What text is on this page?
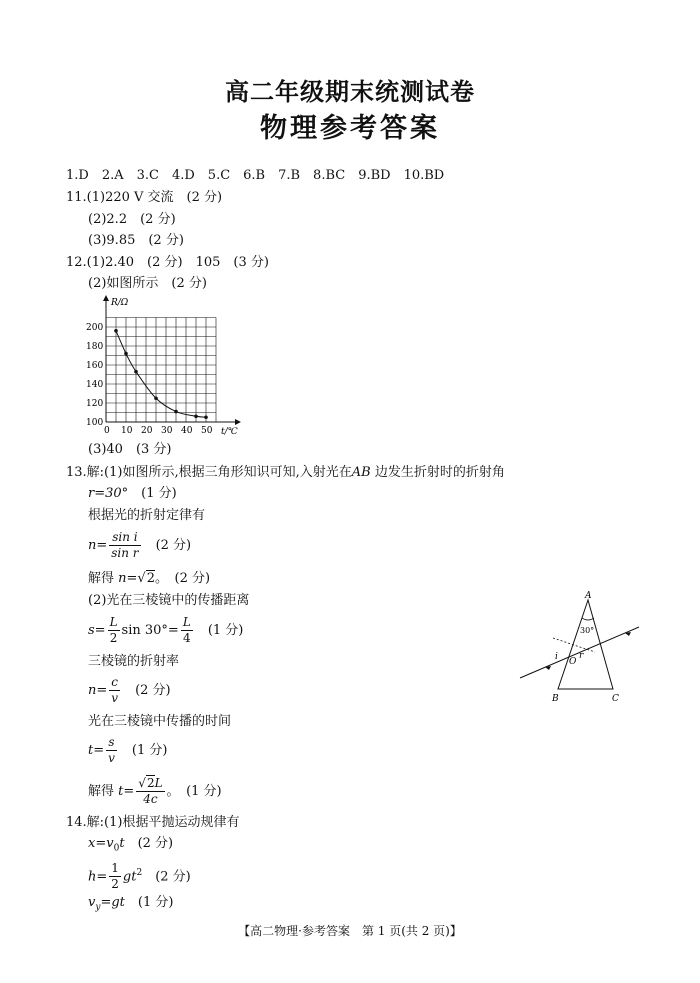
高二年级期末统测试卷
物理参考答案
1.D　2.A　3.C　4.D　5.C　6.B　7.B　8.BC　9.BD　10.BD
11.(1)220 V 交流　(2 分)
(2)2.2　(2 分)
(3)9.85　(2 分)
12.(1)2.40　(2 分)　105　(3 分)
(2)如图所示　(2 分)
R/Ω
t/℃
0 10 20 30 40 50
100
120
140
160
180
200
(3)40　(3 分)
13.解:(1)如图所示,根据三角形知识可知,入射光在AB 边发生折射时的折射角
r=30°　 (1 分)
根据光的折射定律有
$n= \frac{\text{sin i}}{\text{sin r}}$
　 (2 分)
解得 n=√2。　 (2 分)
(2)光在三棱镜中的传播距离
$s= \frac{L}{2}$ $\sin 30^\circ= \frac{L}{4}$
　 (1 分)
三棱镜的折射率
$n= \frac{c}{v}$
　 (2 分)
光在三棱镜中传播的时间
$t= \frac{s}{v}$
　 (1 分)
解得 $t= \frac{√2L}{4c}$ 。　 (1 分)
A
B	C
O
i r
30°
14.解:(1)根据平抛运动规律有
$x=v_0t$　 (2 分)
$h= \frac{1}{2} gt^2$　 (2 分)
$v_y=gt$　 (1 分)
【高二物理·参考答案　第 1 页(共 2 页)】
